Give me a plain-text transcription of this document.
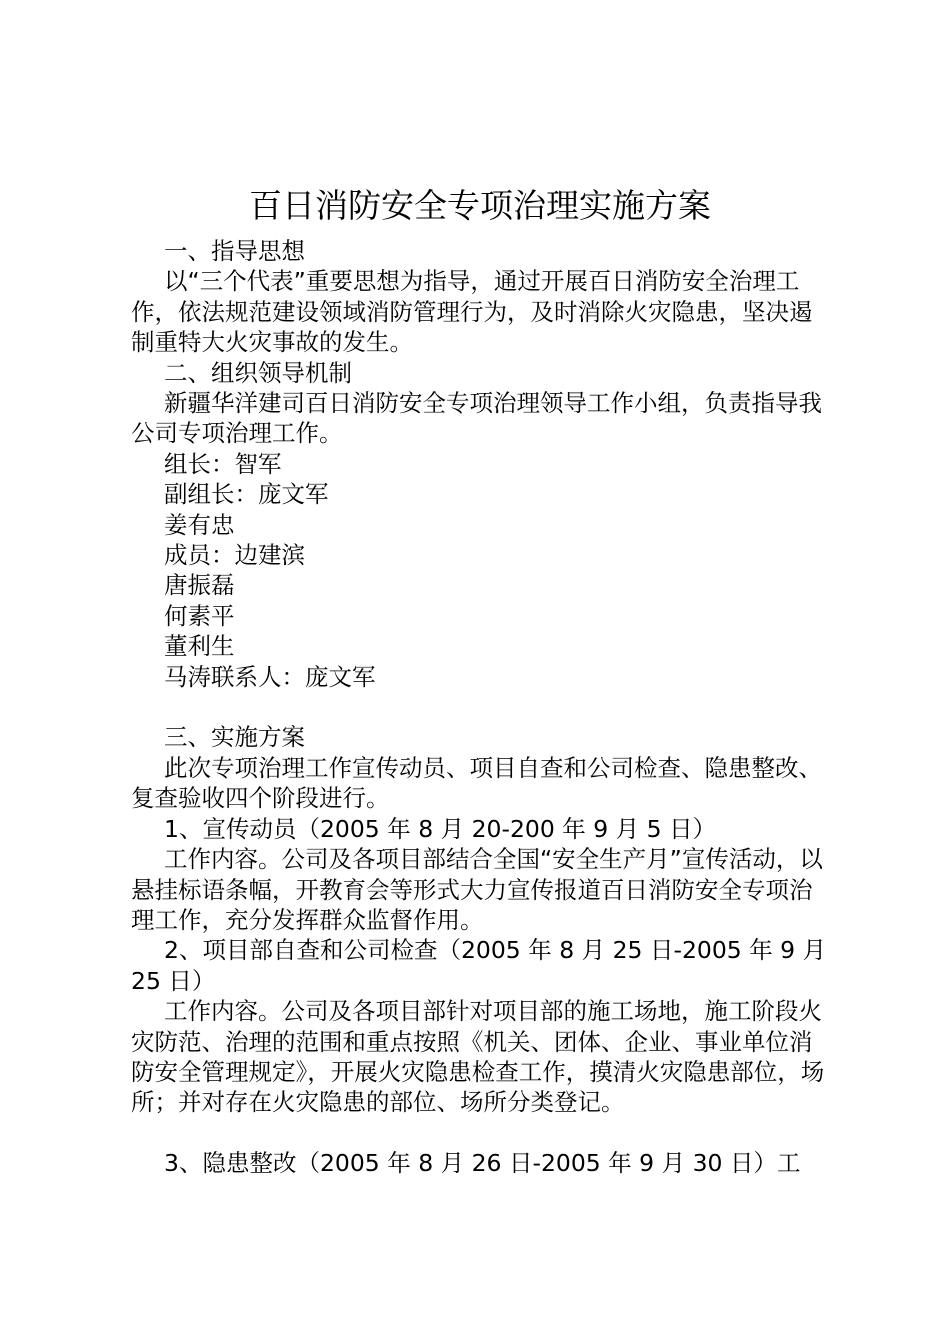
百日消防安全专项治理实施方案

一、指导思想

以“三个代表”重要思想为指导，通过开展百日消防安全治理工作，依法规范建设领域消防管理行为，及时消除火灾隐患，坚决遏制重特大火灾事故的发生。

二、组织领导机制

新疆华洋建司百日消防安全专项治理领导工作小组，负责指导我公司专项治理工作。

组长：智军

副组长：庞文军

姜有忠

成员：边建滨

唐振磊

何素平

董利生

马涛联系人：庞文军

三、实施方案

此次专项治理工作宣传动员、项目自查和公司检查、隐患整改、复查验收四个阶段进行。

1、宣传动员（2005 年 8 月 20-200 年 9 月 5 日）

工作内容。公司及各项目部结合全国“安全生产月”宣传活动，以悬挂标语条幅，开教育会等形式大力宣传报道百日消防安全专项治理工作，充分发挥群众监督作用。

2、项目部自查和公司检查（2005 年 8 月 25 日-2005 年 9 月 25 日）

工作内容。公司及各项目部针对项目部的施工场地，施工阶段火灾防范、治理的范围和重点按照《机关、团体、企业、事业单位消防安全管理规定》，开展火灾隐患检查工作，摸清火灾隐患部位，场所；并对存在火灾隐患的部位、场所分类登记。

3、隐患整改（2005 年 8 月 26 日-2005 年 9 月 30 日）工
